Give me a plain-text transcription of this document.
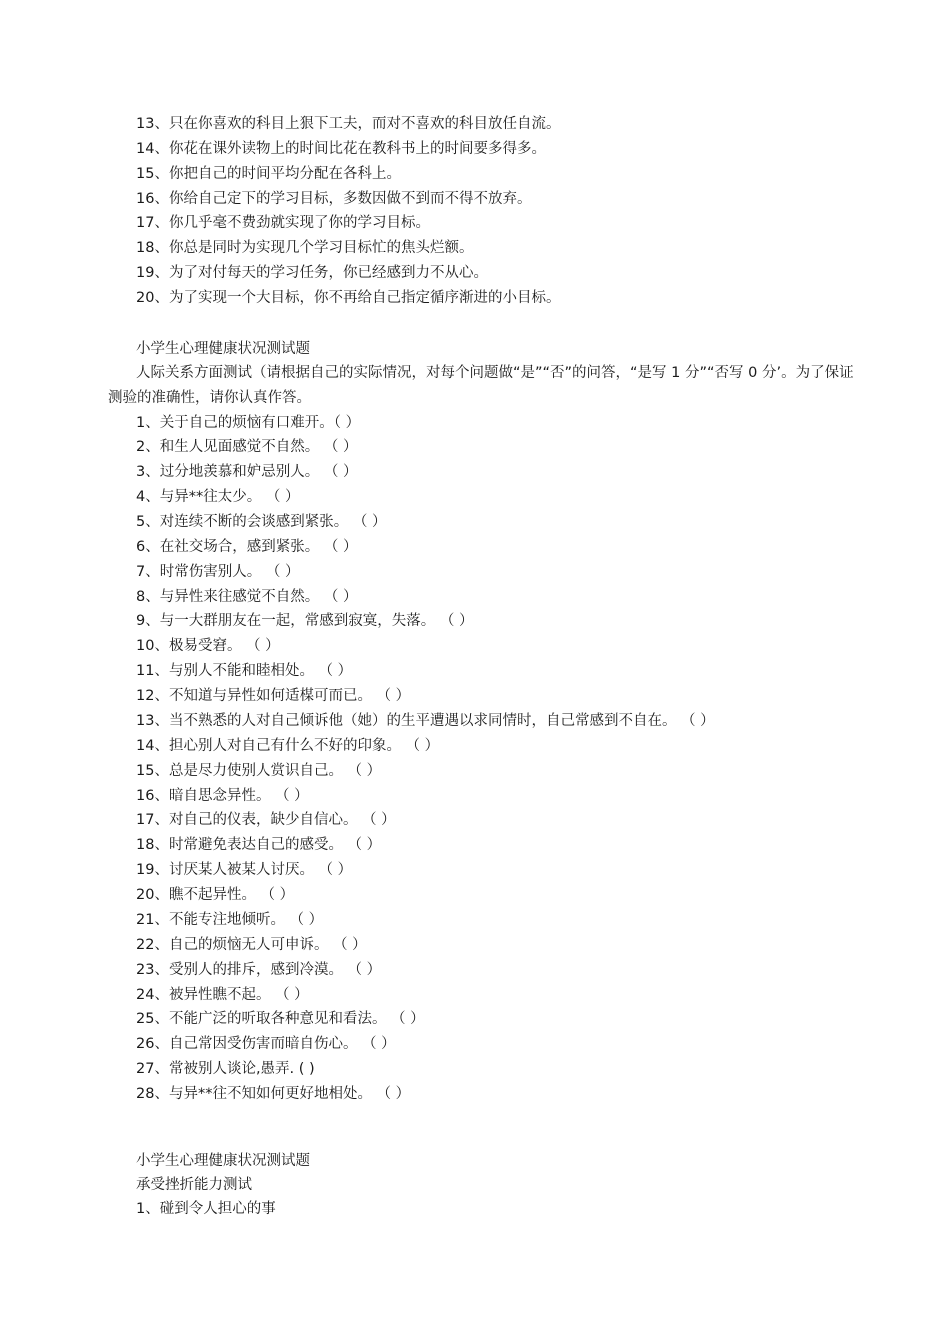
13、只在你喜欢的科目上狠下工夫，而对不喜欢的科目放任自流。
14、你花在课外读物上的时间比花在教科书上的时间要多得多。
15、你把自己的时间平均分配在各科上。
16、你给自己定下的学习目标，多数因做不到而不得不放弃。
17、你几乎毫不费劲就实现了你的学习目标。
18、你总是同时为实现几个学习目标忙的焦头烂额。
19、为了对付每天的学习任务，你已经感到力不从心。
20、为了实现一个大目标，你不再给自己指定循序渐进的小目标。
小学生心理健康状况测试题
人际关系方面测试（请根据自己的实际情况，对每个问题做“是”“否”的问答，“是写 1 分”“否写 0 分’。为了保证测验的准确性，请你认真作答。
1、关于自己的烦恼有口难开。（ ）
2、和生人见面感觉不自然。 （ ）
3、过分地羡慕和妒忌别人。 （ ）
4、与异**往太少。 （ ）
5、对连续不断的会谈感到紧张。 （ ）
6、在社交场合，感到紧张。 （ ）
7、时常伤害别人。 （ ）
8、与异性来往感觉不自然。 （ ）
9、与一大群朋友在一起，常感到寂寞，失落。 （ ）
10、极易受窘。 （ ）
11、与别人不能和睦相处。 （ ）
12、不知道与异性如何适楳可而已。 （ ）
13、当不熟悉的人对自己倾诉他（她）的生平遭遇以求同情时，自己常感到不自在。 （ ）
14、担心别人对自己有什么不好的印象。 （ ）
15、总是尽力使别人赏识自己。 （ ）
16、暗自思念异性。 （ ）
17、对自己的仪表，缺少自信心。 （ ）
18、时常避免表达自己的感受。 （ ）
19、讨厌某人被某人讨厌。 （ ）
20、瞧不起异性。 （ ）
21、不能专注地倾听。 （ ）
22、自己的烦恼无人可申诉。 （ ）
23、受别人的排斥，感到冷漠。 （ ）
24、被异性瞧不起。 （ ）
25、不能广泛的听取各种意见和看法。 （ ）
26、自己常因受伤害而暗自伤心。 （ ）
27、常被别人谈论,愚弄. ( )
28、与异**往不知如何更好地相处。 （ ）
小学生心理健康状况测试题
承受挫折能力测试
1、碰到令人担心的事
